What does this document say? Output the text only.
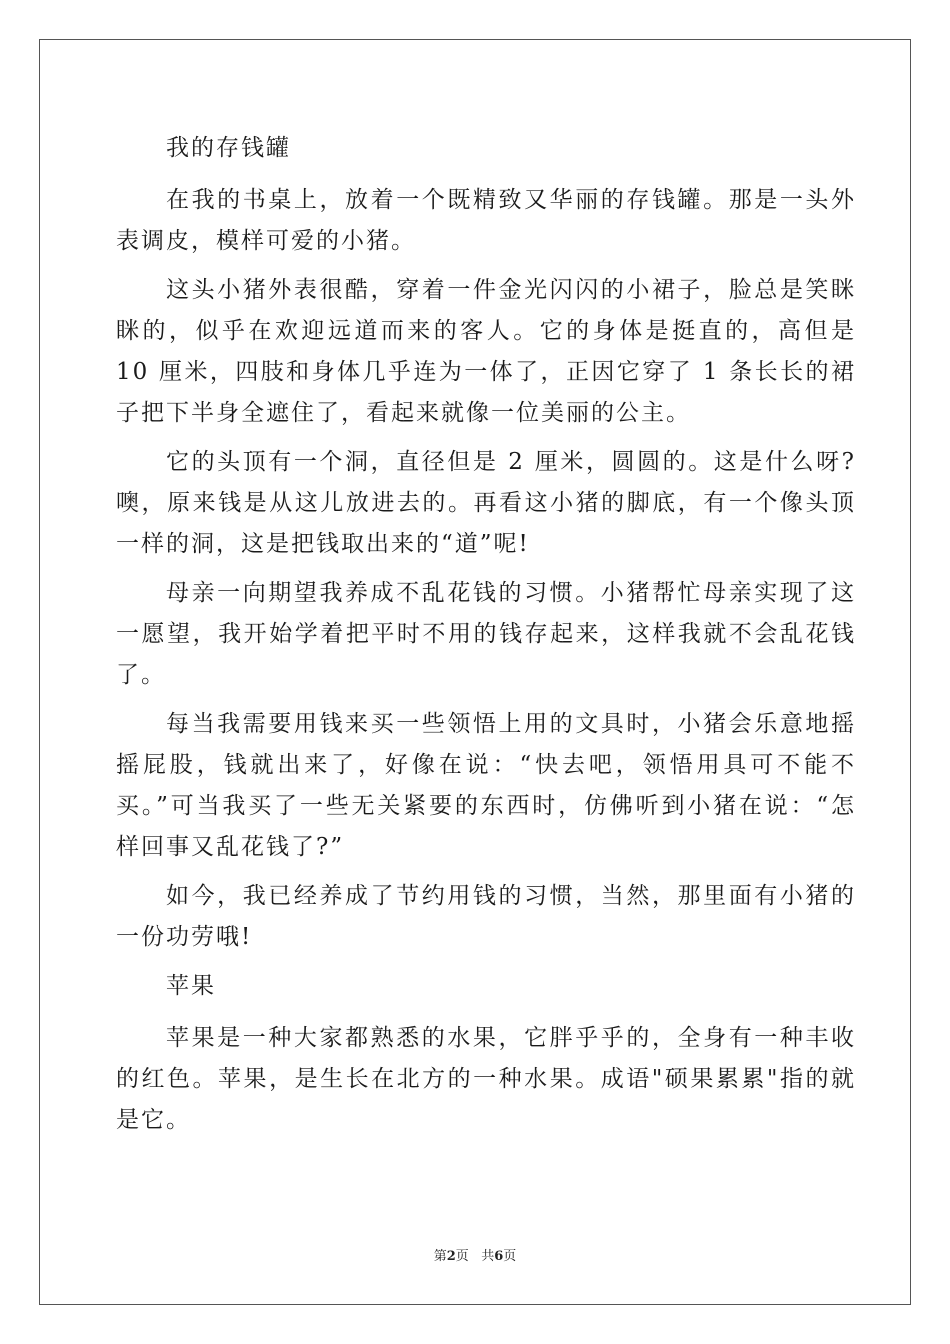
我的存钱罐

在我的书桌上，放着一个既精致又华丽的存钱罐。那是一头外表调皮，模样可爱的小猪。

这头小猪外表很酷，穿着一件金光闪闪的小裙子，脸总是笑眯眯的，似乎在欢迎远道而来的客人。它的身体是挺直的，高但是 10 厘米，四肢和身体几乎连为一体了，正因它穿了 1 条长长的裙子把下半身全遮住了，看起来就像一位美丽的公主。

它的头顶有一个洞，直径但是 2 厘米，圆圆的。这是什么呀?噢，原来钱是从这儿放进去的。再看这小猪的脚底，有一个像头顶一样的洞，这是把钱取出来的“道”呢!

母亲一向期望我养成不乱花钱的习惯。小猪帮忙母亲实现了这一愿望，我开始学着把平时不用的钱存起来，这样我就不会乱花钱了。

每当我需要用钱来买一些领悟上用的文具时，小猪会乐意地摇摇屁股，钱就出来了，好像在说：“快去吧，领悟用具可不能不买。”可当我买了一些无关紧要的东西时，仿佛听到小猪在说：“怎样回事又乱花钱了?”

如今，我已经养成了节约用钱的习惯，当然，那里面有小猪的一份功劳哦!

苹果

苹果是一种大家都熟悉的水果，它胖乎乎的，全身有一种丰收的红色。苹果，是生长在北方的一种水果。成语"硕果累累"指的就是它。

第2页 共6页
